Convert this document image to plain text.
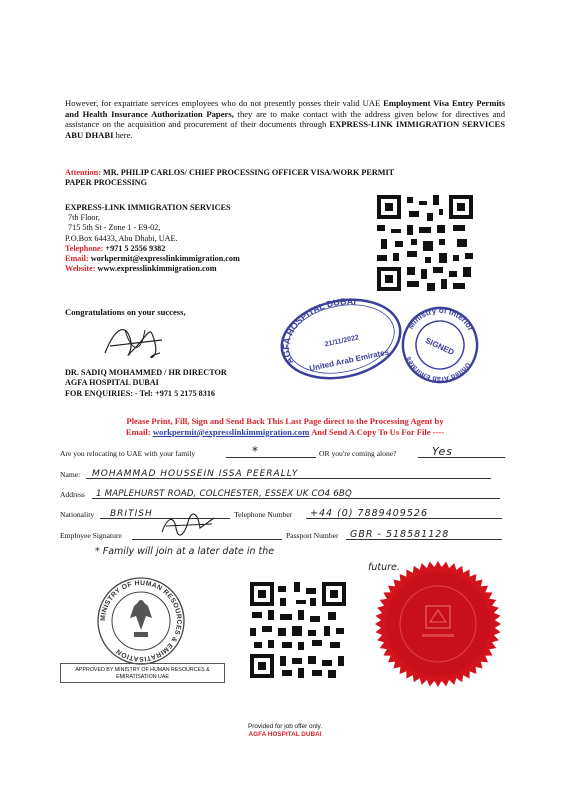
However, for expatriate services employees who do not presently posses their valid UAE Employment Visa Entry Permits and Health Insurance Authorization Papers, they are to make contact with the address given below for directives and assistance on the acquisition and procurement of their documents through EXPRESS-LINK IMMIGRATION SERVICES ABU DHABI here.
Attention: MR. PHILIP CARLOS/ CHIEF PROCESSING OFFICER VISA/WORK PERMIT PAPER PROCESSING
EXPRESS-LINK IMMIGRATION SERVICES
7th Floor,
715 5th St - Zone 1 - E9-02,
P.O.Box 64433, Abu Dhabi, UAE.
Telephone: +971 5 2556 9382
Email: workpermit@expresslinkimmigration.com
Website: www.expresslinkimmigration.com
Congratulations on your success,
DR. SADIQ MOHAMMED / HR DIRECTOR
AGFA HOSPITAL DUBAI
FOR ENQUIRIES: - Tel: +971 5 2175 8316
AGFA HOSPITAL DUBAI
21/11/2022
United Arab Emirates
Ministry of Interior
United Arab Emirates
SIGNED
Please Print, Fill, Sign and Send Back This Last Page direct to the Processing Agent by
Email: workpermit@expresslinkimmigration.com And Send A Copy To Us For File ----
Are you relocating to UAE with your family	*	OR you're coming alone?	Yes
Name: MOHAMMAD HOUSSEIN ISSA PEERALLY
Address 1 MAPLEHURST ROAD, COLCHESTER, ESSEX UK CO4 6BQ
Nationality BRITISH	Telephone Number +44 (0) 7889409526
Employee Signature	Passport Number GBR - 518581128
* Family will join at a later date in the
future.
MINISTRY OF HUMAN RESOURCES & EMIRATISATION
APPROVED BY MINISTRY OF HUMAN RESOURCES & EMIRATISATION UAE
Provided for job offer only.
AGFA HOSPITAL DUBAI
